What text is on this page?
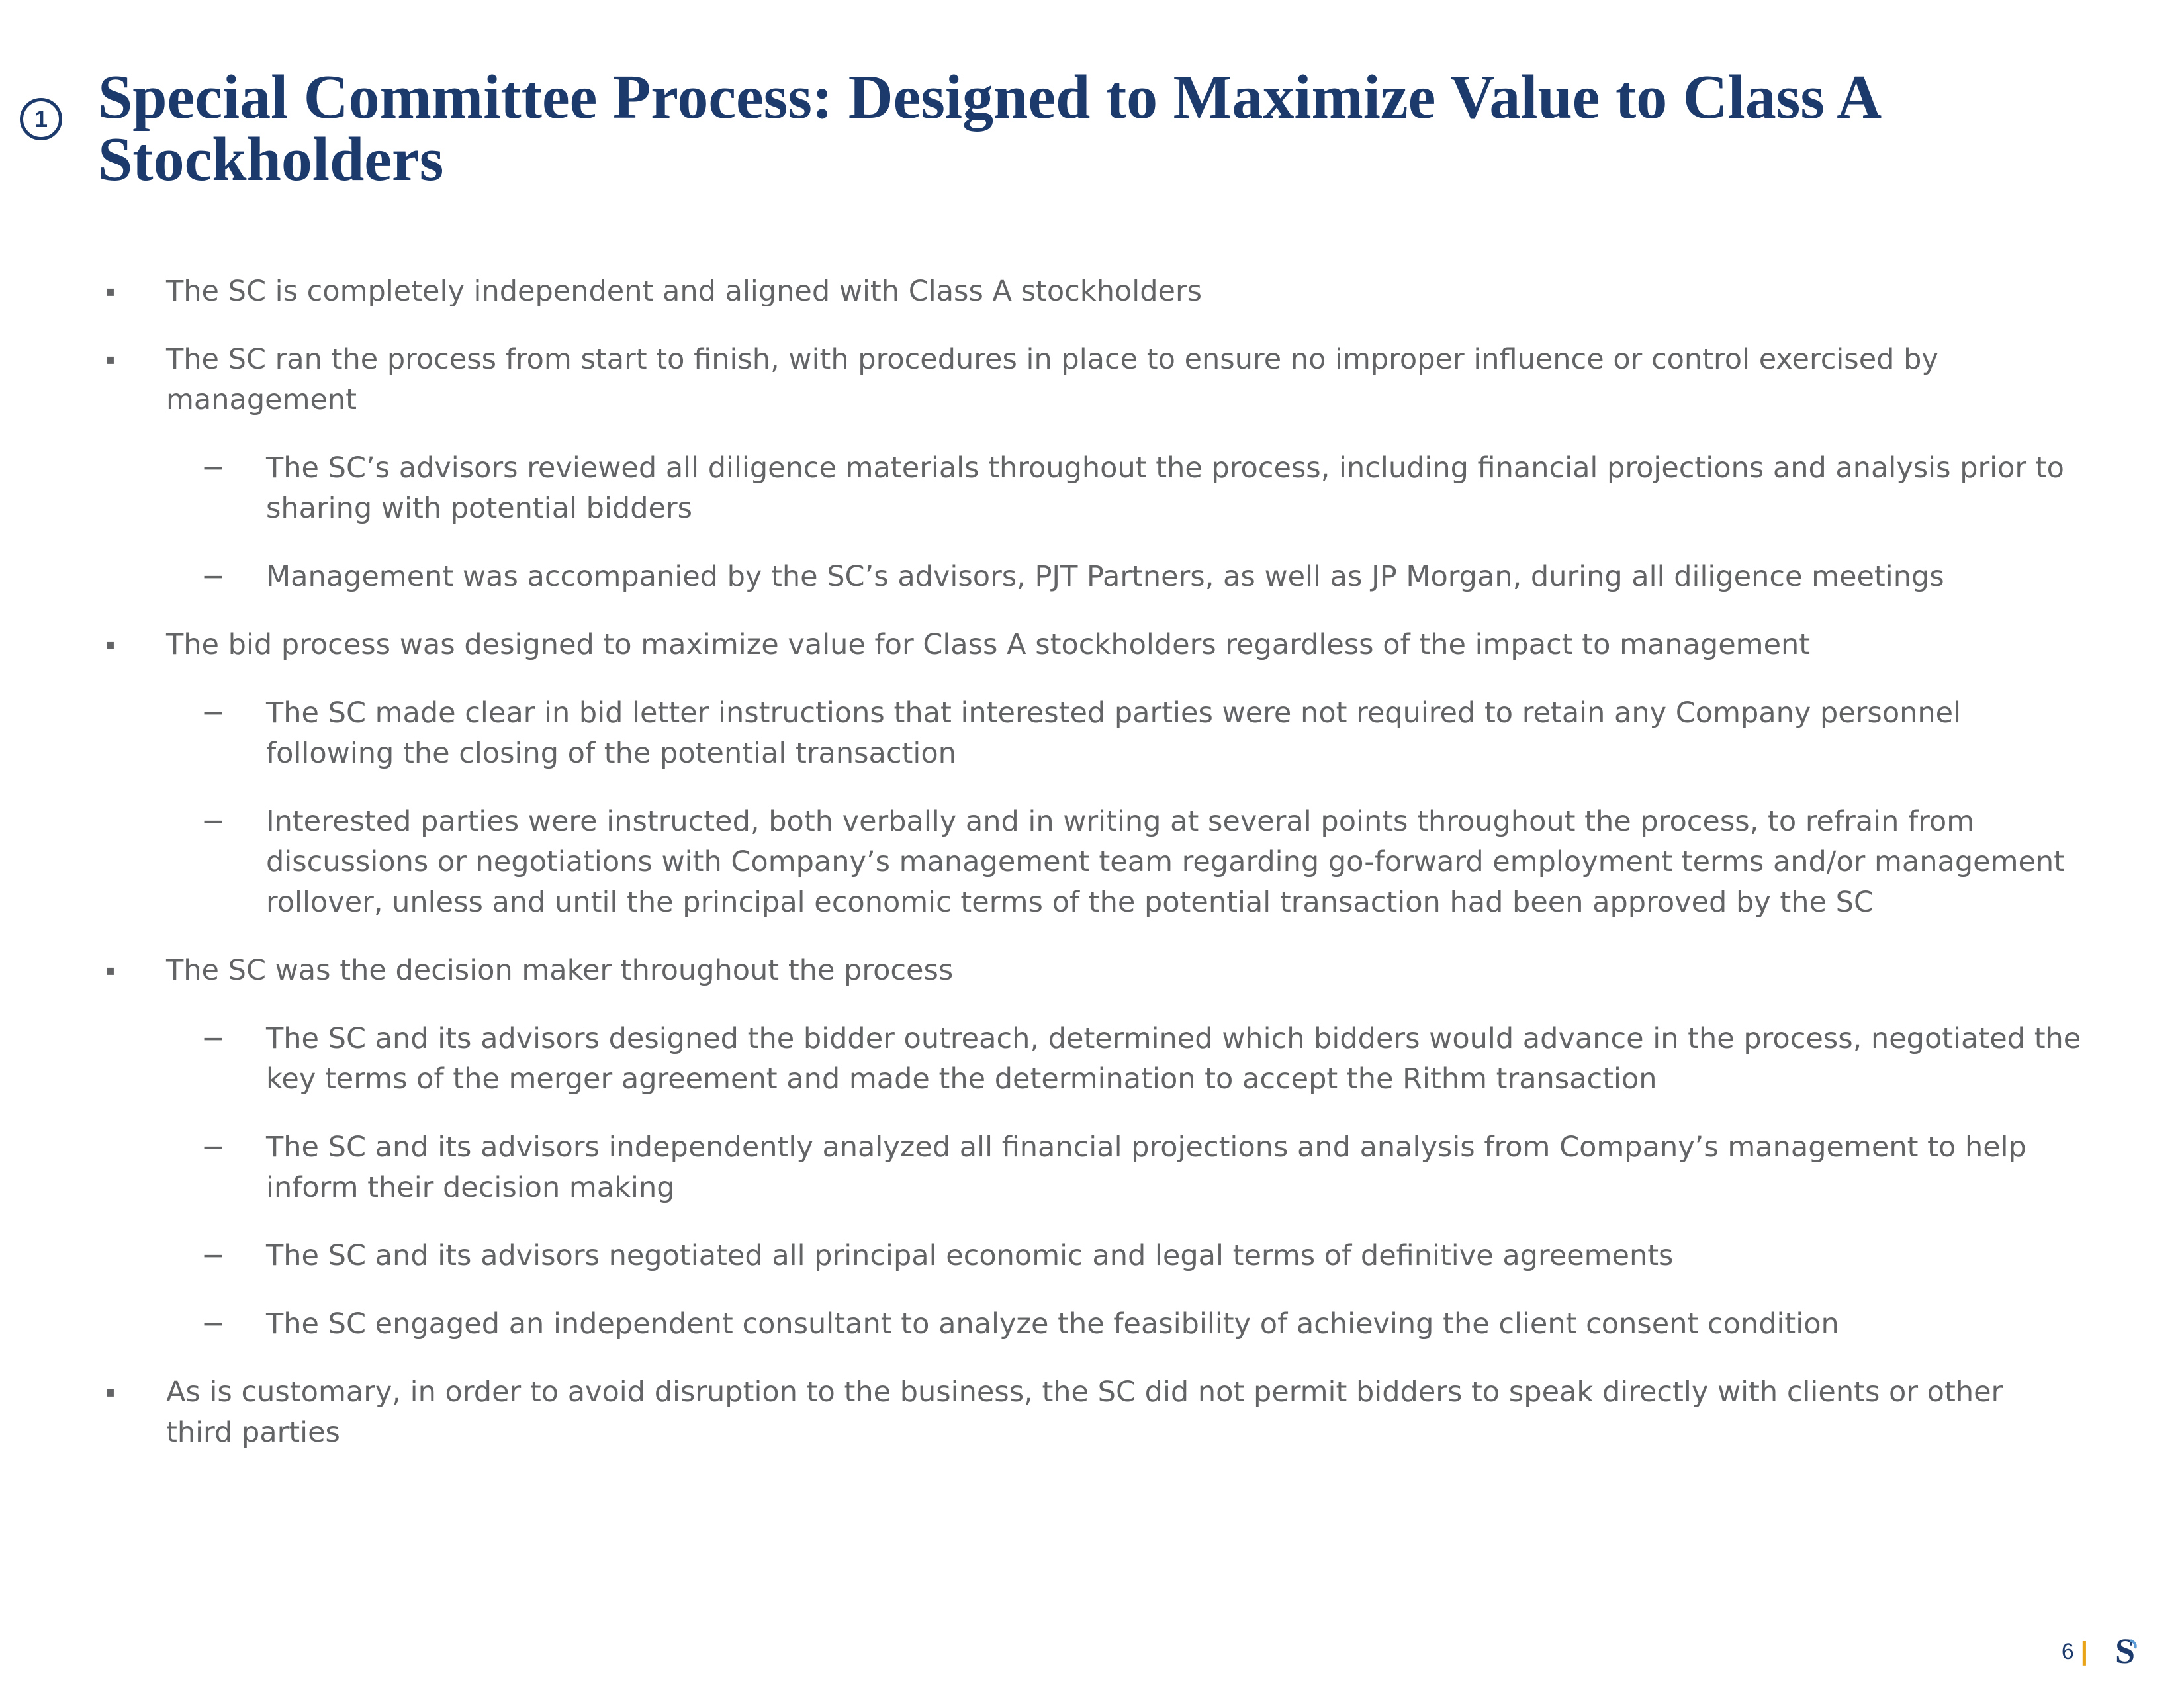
1 Special Committee Process: Designed to Maximize Value to Class A Stockholders
▪ The SC is completely independent and aligned with Class A stockholders
▪ The SC ran the process from start to finish, with procedures in place to ensure no improper influence or control exercised by management
− The SC’s advisors reviewed all diligence materials throughout the process, including financial projections and analysis prior to sharing with potential bidders
− Management was accompanied by the SC’s advisors, PJT Partners, as well as JP Morgan, during all diligence meetings
▪ The bid process was designed to maximize value for Class A stockholders regardless of the impact to management
− The SC made clear in bid letter instructions that interested parties were not required to retain any Company personnel following the closing of the potential transaction
− Interested parties were instructed, both verbally and in writing at several points throughout the process, to refrain from discussions or negotiations with Company’s management team regarding go-forward employment terms and/or management rollover, unless and until the principal economic terms of the potential transaction had been approved by the SC
▪ The SC was the decision maker throughout the process
− The SC and its advisors designed the bidder outreach, determined which bidders would advance in the process, negotiated the key terms of the merger agreement and made the determination to accept the Rithm transaction
− The SC and its advisors independently analyzed all financial projections and analysis from Company’s management to help inform their decision making
− The SC and its advisors negotiated all principal economic and legal terms of definitive agreements
− The SC engaged an independent consultant to analyze the feasibility of achieving the client consent condition
▪ As is customary, in order to avoid disruption to the business, the SC did not permit bidders to speak directly with clients or other third parties
6 | S
